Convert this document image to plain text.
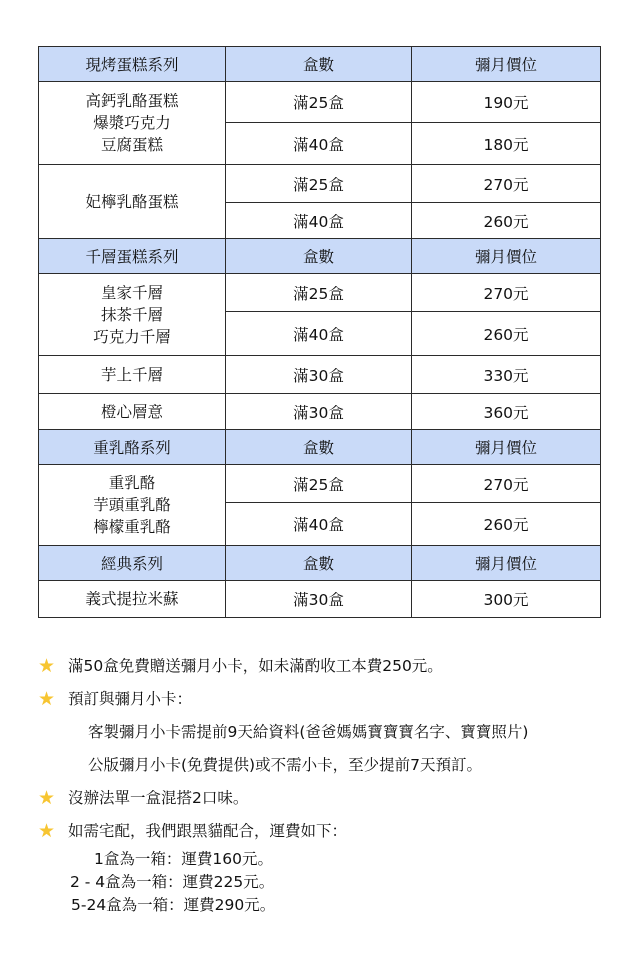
現烤蛋糕系列	盒數	彌月價位

高鈣乳酪蛋糕
爆漿巧克力
豆腐蛋糕	滿25盒	190元
	滿40盒	180元

妃檸乳酪蛋糕	滿25盒	270元
	滿40盒	260元
千層蛋糕系列	盒數	彌月價位

皇家千層
抹茶千層
巧克力千層	滿25盒	270元
	滿40盒	260元

芋上千層	滿30盒	330元

橙心層意	滿30盒	360元
重乳酪系列	盒數	彌月價位

重乳酪
芋頭重乳酪
檸檬重乳酪	滿25盒	270元
	滿40盒	260元
經典系列	盒數	彌月價位

義式提拉米蘇	滿30盒	300元
★ 滿50盒免費贈送彌月小卡，如未滿酌收工本費250元。
★ 預訂與彌月小卡：
客製彌月小卡需提前9天給資料(爸爸媽媽寶寶寶名字、寶寶照片)
公版彌月小卡(免費提供)或不需小卡，至少提前7天預訂。
★ 沒辦法單一盒混搭2口味。
★ 如需宅配，我們跟黑貓配合，運費如下：
1盒為一箱：運費160元。
2 - 4盒為一箱：運費225元。
5-24盒為一箱：運費290元。
